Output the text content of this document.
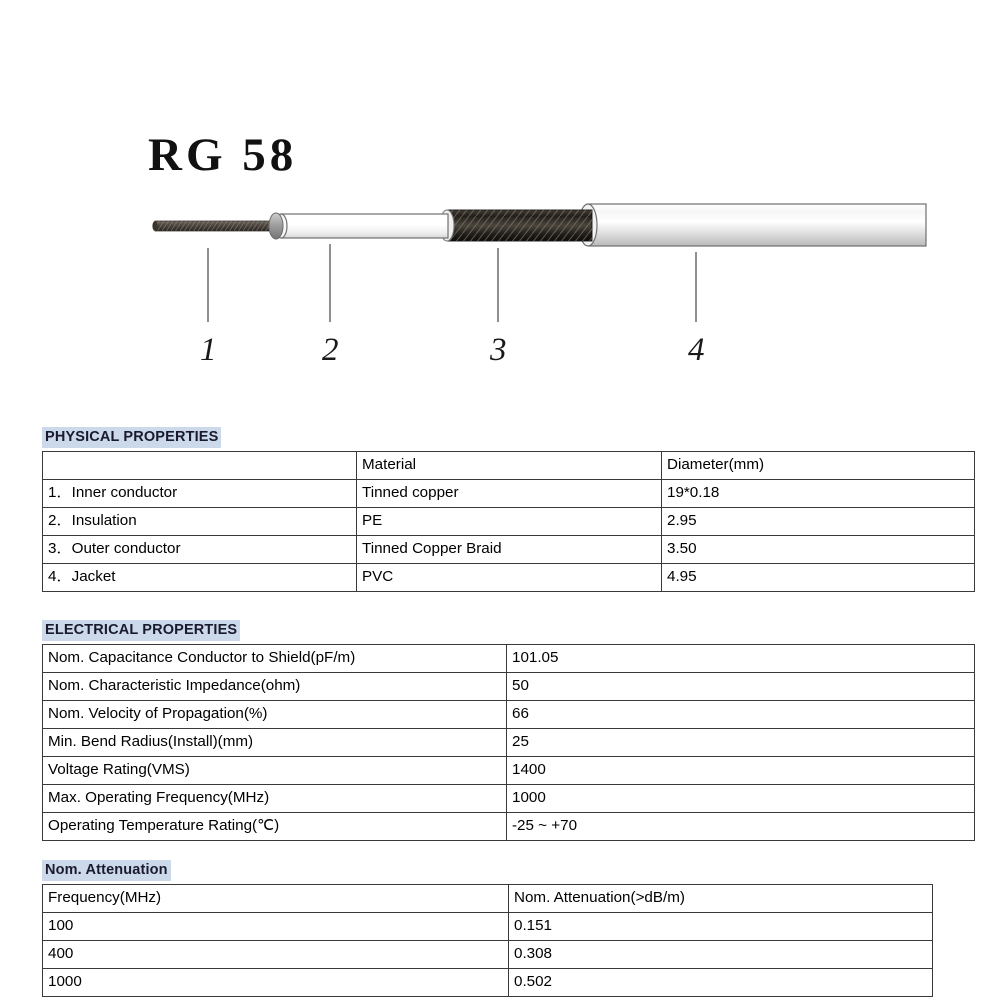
RG 58
1	2	3	4
PHYSICAL PROPERTIES
	Material	Diameter(mm)
1．Inner conductor	Tinned copper	19*0.18
2．Insulation	PE	2.95
3．Outer conductor	Tinned Copper Braid	3.50
4．Jacket	PVC	4.95
ELECTRICAL PROPERTIES
Nom. Capacitance Conductor to Shield(pF/m)	101.05
Nom. Characteristic Impedance(ohm)	50
Nom. Velocity of Propagation(%)	66
Min. Bend Radius(Install)(mm)	25
Voltage Rating(VMS)	1400
Max. Operating Frequency(MHz)	1000
Operating Temperature Rating(℃)	-25 ~ +70
Nom. Attenuation
Frequency(MHz)	Nom. Attenuation(>dB/m)
100	0.151
400	0.308
1000	0.502
